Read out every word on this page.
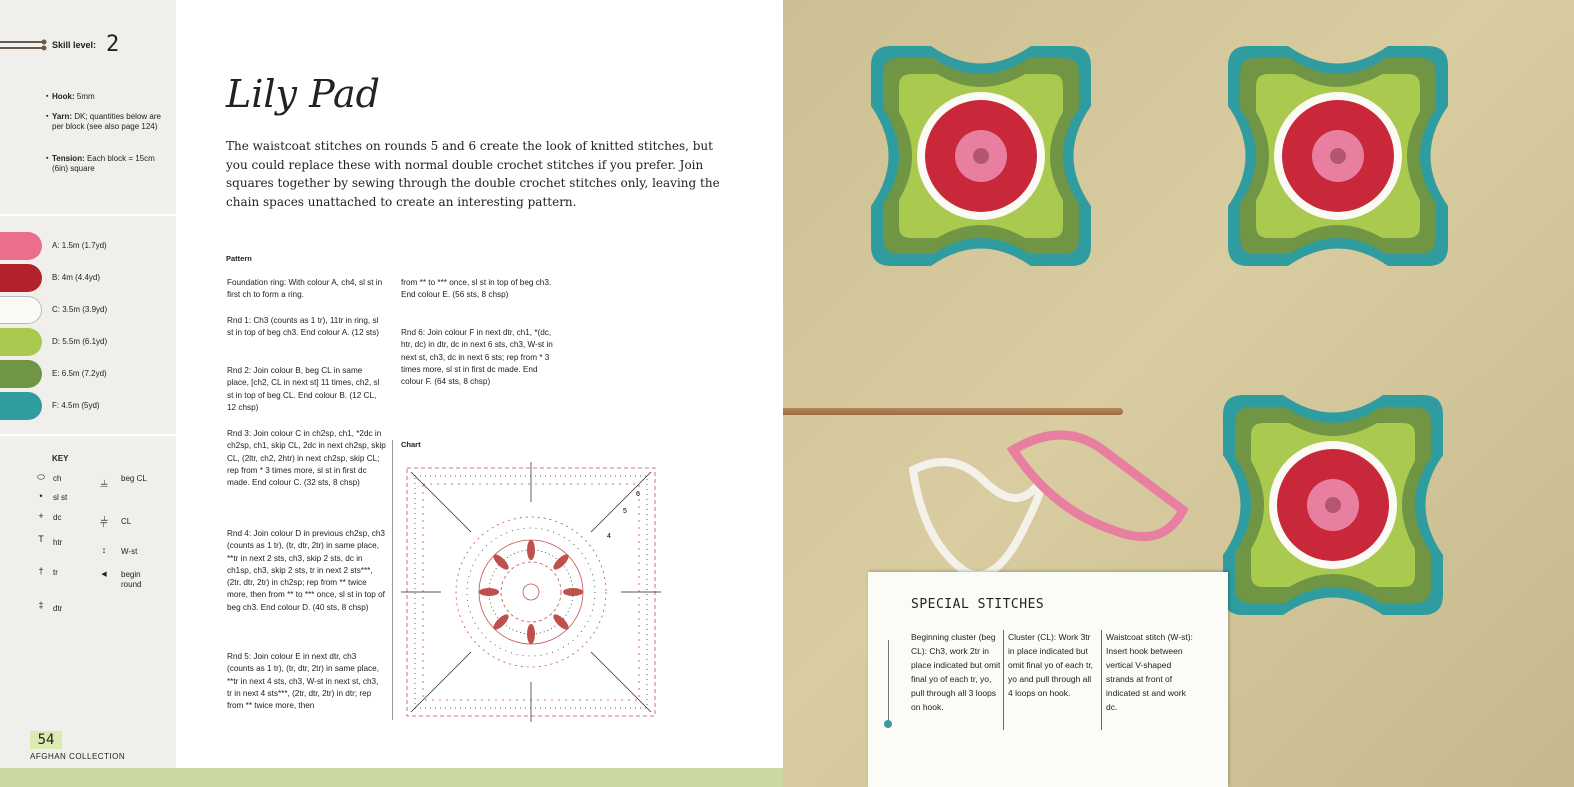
Skill level: 2
▪ Hook: 5mm
▪ Yarn: DK; quantities below are per block (see also page 124)
▪ Tension: Each block = 15cm (6in) square
A: 1.5m (1.7yd)
B: 4m (4.4yd)
C: 3.5m (3.9yd)
D: 5.5m (6.1yd)
E: 6.5m (7.2yd)
F: 4.5m (5yd)
KEY
⬭	ch
•	sl st
+	dc
T	htr
†	tr
‡	dtr
⫨	beg CL
⫩	CL
↕	W-st
◀	begin round
54
AFGHAN COLLECTION
Lily Pad
The waistcoat stitches on rounds 5 and 6 create the look of knitted stitches, but you could replace these with normal double crochet stitches if you prefer. Join squares together by sewing through the double crochet stitches only, leaving the chain spaces unattached to create an interesting pattern.
Pattern
Foundation ring: With colour A, ch4, sl st in first ch to form a ring.
Rnd 1: Ch3 (counts as 1 tr), 11tr in ring, sl st in top of beg ch3. End colour A. (12 sts)
Rnd 2: Join colour B, beg CL in same place, [ch2, CL in next st] 11 times, ch2, sl st in top of beg CL. End colour B. (12 CL, 12 chsp)
Rnd 3: Join colour C in ch2sp, ch1, *2dc in ch2sp, ch1, skip CL, 2dc in next ch2sp, skip CL, (2ltr, ch2, 2htr) in next ch2sp, skip CL; rep from * 3 times more, sl st in first dc made. End colour C. (32 sts, 8 chsp)
Rnd 4: Join colour D in previous ch2sp, ch3 (counts as 1 tr), (tr, dtr, 2tr) in same place, **tr in next 2 sts, ch3, skip 2 sts, dc in ch1sp, ch3, skip 2 sts, tr in next 2 sts***, (2tr, dtr, 2tr) in ch2sp; rep from ** twice more, then from ** to *** once, sl st in top of beg ch3. End colour D. (40 sts, 8 chsp)
Rnd 5: Join colour E in next dtr, ch3 (counts as 1 tr), (tr, dtr, 2tr) in same place, **tr in next 4 sts, ch3, W-st in next st, ch3, tr in next 4 sts***, (2tr, dtr, 2tr) in dtr; rep from ** twice more, then
from ** to *** once, sl st in top of beg ch3. End colour E. (56 sts, 8 chsp)
Rnd 6: Join colour F in next dtr, ch1, *(dc, htr, dc) in dtr, dc in next 6 sts, ch3, W-st in next st, ch3, dc in next 6 sts; rep from * 3 times more, sl st in first dc made. End colour F. (64 sts, 8 chsp)
Chart
6
5
4
SPECIAL STITCHES
Beginning cluster (beg CL): Ch3, work 2tr in place indicated but omit final yo of each tr, yo, pull through all 3 loops on hook.
Cluster (CL): Work 3tr in place indicated but omit final yo of each tr, yo and pull through all 4 loops on hook.
Waistcoat stitch (W-st): Insert hook between vertical V-shaped strands at front of indicated st and work dc.
